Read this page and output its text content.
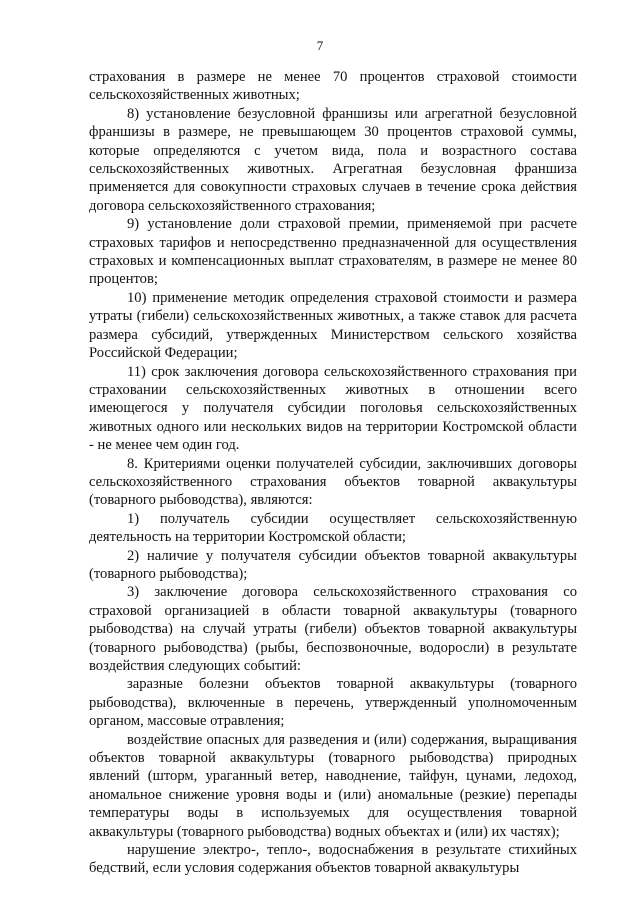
7

страхования в размере не менее 70 процентов страховой стоимости сельскохозяйственных животных;

8) установление безусловной франшизы или агрегатной безусловной франшизы в размере, не превышающем 30 процентов страховой суммы, которые определяются с учетом вида, пола и возрастного состава сельскохозяйственных животных. Агрегатная безусловная франшиза применяется для совокупности страховых случаев в течение срока действия договора сельскохозяйственного страхования;

9) установление доли страховой премии, применяемой при расчете страховых тарифов и непосредственно предназначенной для осуществления страховых и компенсационных выплат страхователям, в размере не менее 80 процентов;

10) применение методик определения страховой стоимости и размера утраты (гибели) сельскохозяйственных животных, а также ставок для расчета размера субсидий, утвержденных Министерством сельского хозяйства Российской Федерации;

11) срок заключения договора сельскохозяйственного страхования при страховании сельскохозяйственных животных в отношении всего имеющегося у получателя субсидии поголовья сельскохозяйственных животных одного или нескольких видов на территории Костромской области - не менее чем один год.

8. Критериями оценки получателей субсидии, заключивших договоры сельскохозяйственного страхования объектов товарной аквакультуры (товарного рыбоводства), являются:

1) получатель субсидии осуществляет сельскохозяйственную деятельность на территории Костромской области;

2) наличие у получателя субсидии объектов товарной аквакультуры (товарного рыбоводства);

3) заключение договора сельскохозяйственного страхования со страховой организацией в области товарной аквакультуры (товарного рыбоводства) на случай утраты (гибели) объектов товарной аквакультуры (товарного рыбоводства) (рыбы, беспозвоночные, водоросли) в результате воздействия следующих событий:

заразные болезни объектов товарной аквакультуры (товарного рыбоводства), включенные в перечень, утвержденный уполномоченным органом, массовые отравления;

воздействие опасных для разведения и (или) содержания, выращивания объектов товарной аквакультуры (товарного рыбоводства) природных явлений (шторм, ураганный ветер, наводнение, тайфун, цунами, ледоход, аномальное снижение уровня воды и (или) аномальные (резкие) перепады температуры воды в используемых для осуществления товарной аквакультуры (товарного рыбоводства) водных объектах и (или) их частях);

нарушение электро-, тепло-, водоснабжения в результате стихийных бедствий, если условия содержания объектов товарной аквакультуры
